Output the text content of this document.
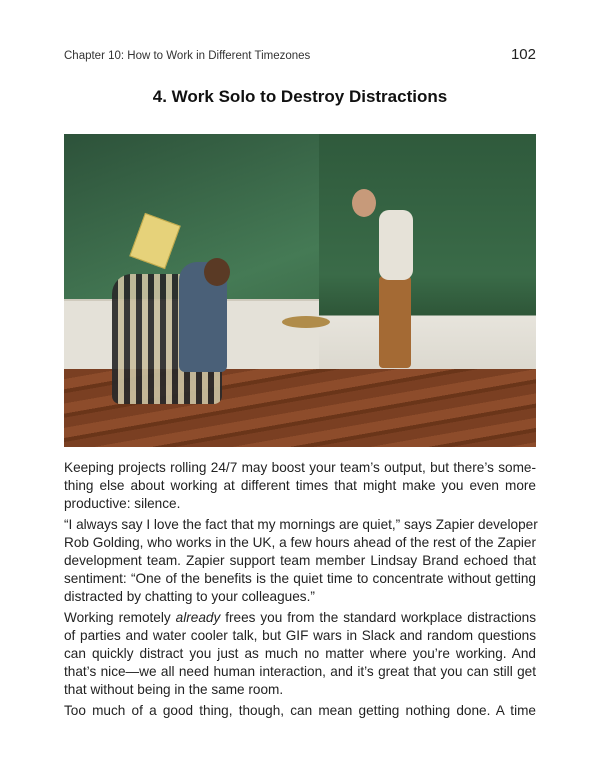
Chapter 10: How to Work in Different Timezones	102
4. Work Solo to Destroy Distractions

Keeping projects rolling 24/7 may boost your team’s output, but there’s some-
thing else about working at different times that might make you even more
productive: silence.

“I always say I love the fact that my mornings are quiet,” says Zapier developer
Rob Golding, who works in the UK, a few hours ahead of the rest of the Zapier
development team. Zapier support team member Lindsay Brand echoed that
sentiment: “One of the benefits is the quiet time to concentrate without getting
distracted by chatting to your colleagues.”

Working remotely already frees you from the standard workplace distractions
of parties and water cooler talk, but GIF wars in Slack and random questions
can quickly distract you just as much no matter where you’re working. And
that’s nice—we all need human interaction, and it’s great that you can still get
that without being in the same room.

Too much of a good thing, though, can mean getting nothing done. A time
